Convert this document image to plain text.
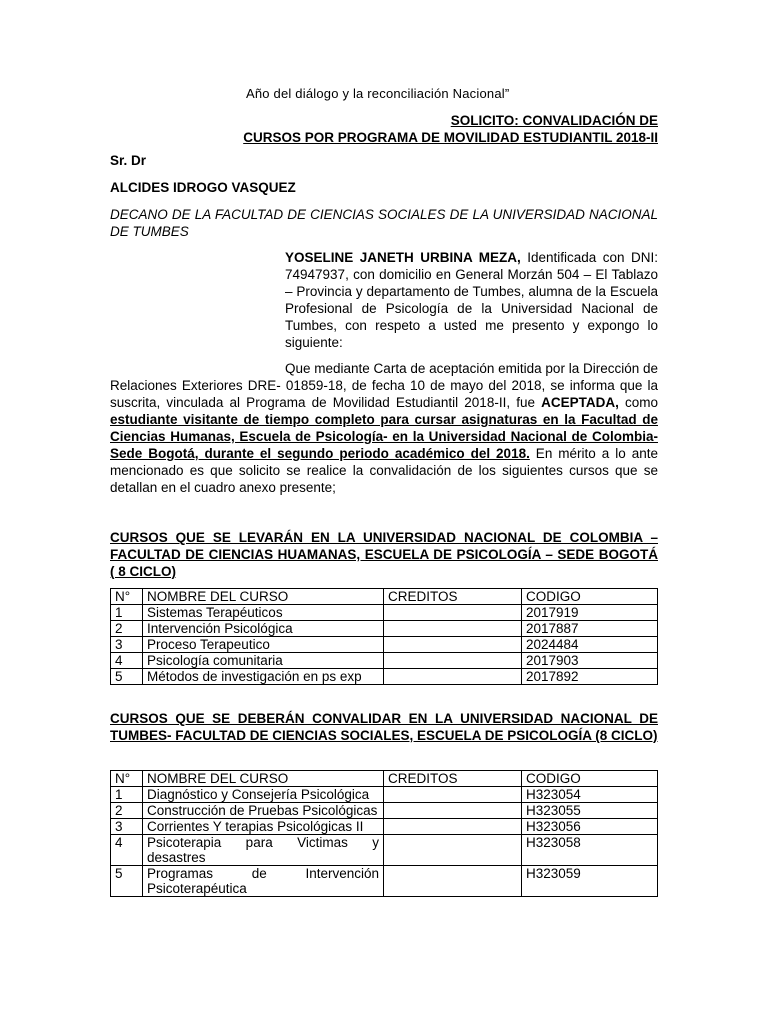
Año del diálogo y la reconciliación Nacional”
SOLICITO: CONVALIDACIÓN DE
CURSOS POR PROGRAMA DE MOVILIDAD ESTUDIANTIL 2018-II
Sr. Dr
ALCIDES IDROGO VASQUEZ
DECANO DE LA FACULTAD DE CIENCIAS SOCIALES DE LA UNIVERSIDAD NACIONAL DE TUMBES
YOSELINE JANETH URBINA MEZA, Identificada con DNI: 74947937, con domicilio en General Morzán 504 – El Tablazo – Provincia y departamento de Tumbes, alumna de la Escuela Profesional de Psicología de la Universidad Nacional de Tumbes, con respeto a usted me presento y expongo lo siguiente:
Que mediante Carta de aceptación emitida por la Dirección de Relaciones Exteriores DRE- 01859-18, de fecha 10 de mayo del 2018, se informa que la suscrita, vinculada al Programa de Movilidad Estudiantil 2018-II, fue ACEPTADA, como estudiante visitante de tiempo completo para cursar asignaturas en la Facultad de Ciencias Humanas, Escuela de Psicología- en la Universidad Nacional de Colombia- Sede Bogotá, durante el segundo periodo académico del 2018. En mérito a lo ante mencionado es que solicito se realice la convalidación de los siguientes cursos que se detallan en el cuadro anexo presente;
CURSOS QUE SE LEVARÁN EN LA UNIVERSIDAD NACIONAL DE COLOMBIA – FACULTAD DE CIENCIAS HUAMANAS, ESCUELA DE PSICOLOGÍA – SEDE BOGOTÁ ( 8 CICLO)
N°	NOMBRE DEL CURSO	CREDITOS	CODIGO
1	Sistemas Terapéuticos		2017919
2	Intervención Psicológica		2017887
3	Proceso Terapeutico		2024484
4	Psicología comunitaria		2017903
5	Métodos de investigación en ps exp		2017892
CURSOS QUE SE DEBERÁN CONVALIDAR EN LA UNIVERSIDAD NACIONAL DE TUMBES- FACULTAD DE CIENCIAS SOCIALES, ESCUELA DE PSICOLOGÍA (8 CICLO)
N°	NOMBRE DEL CURSO	CREDITOS	CODIGO
1	Diagnóstico y Consejería Psicológica		H323054
2	Construcción de Pruebas Psicológicas		H323055
3	Corrientes Y terapias Psicológicas II		H323056
4	Psicoterapia para Victimas y desastres		H323058
5	Programas de Intervención Psicoterapéutica		H323059
